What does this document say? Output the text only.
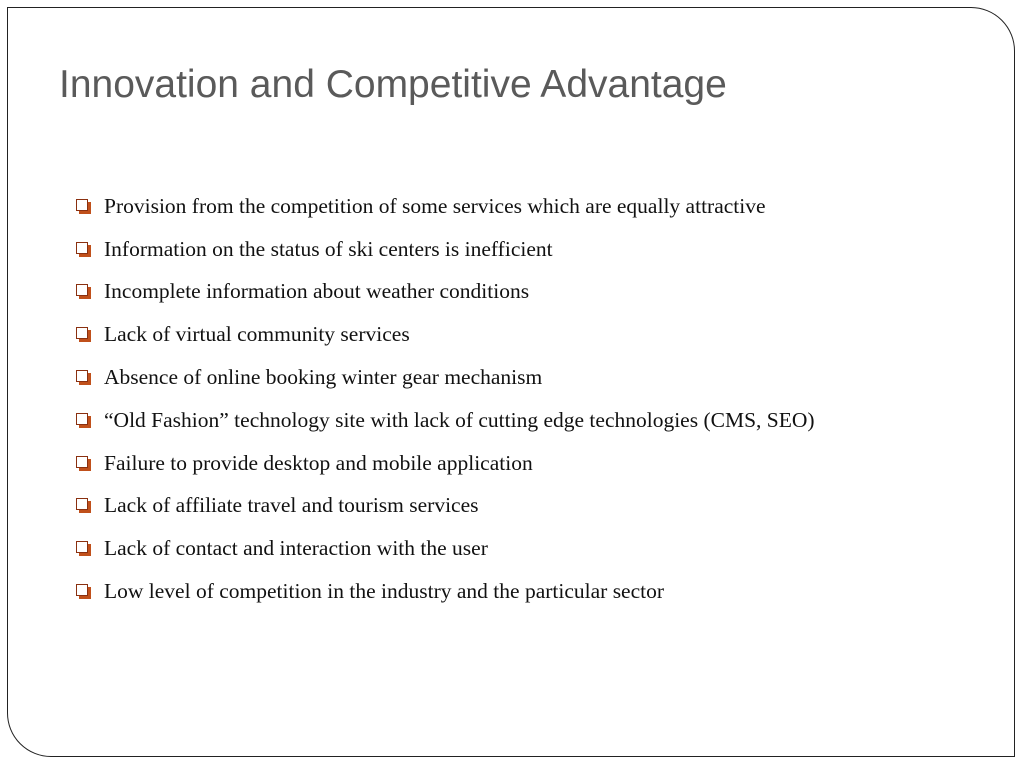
Innovation and Competitive Advantage
Provision from the competition of some services which are equally attractive
Information on the status of ski centers is inefficient
Incomplete information about weather conditions
Lack of virtual community services
Absence of online booking winter gear mechanism
“Old Fashion” technology site with lack of cutting edge technologies (CMS, SEO)
Failure to provide desktop and mobile application
Lack of affiliate travel and tourism services
Lack of contact and interaction with the user
Low level of competition in the industry and the particular sector
